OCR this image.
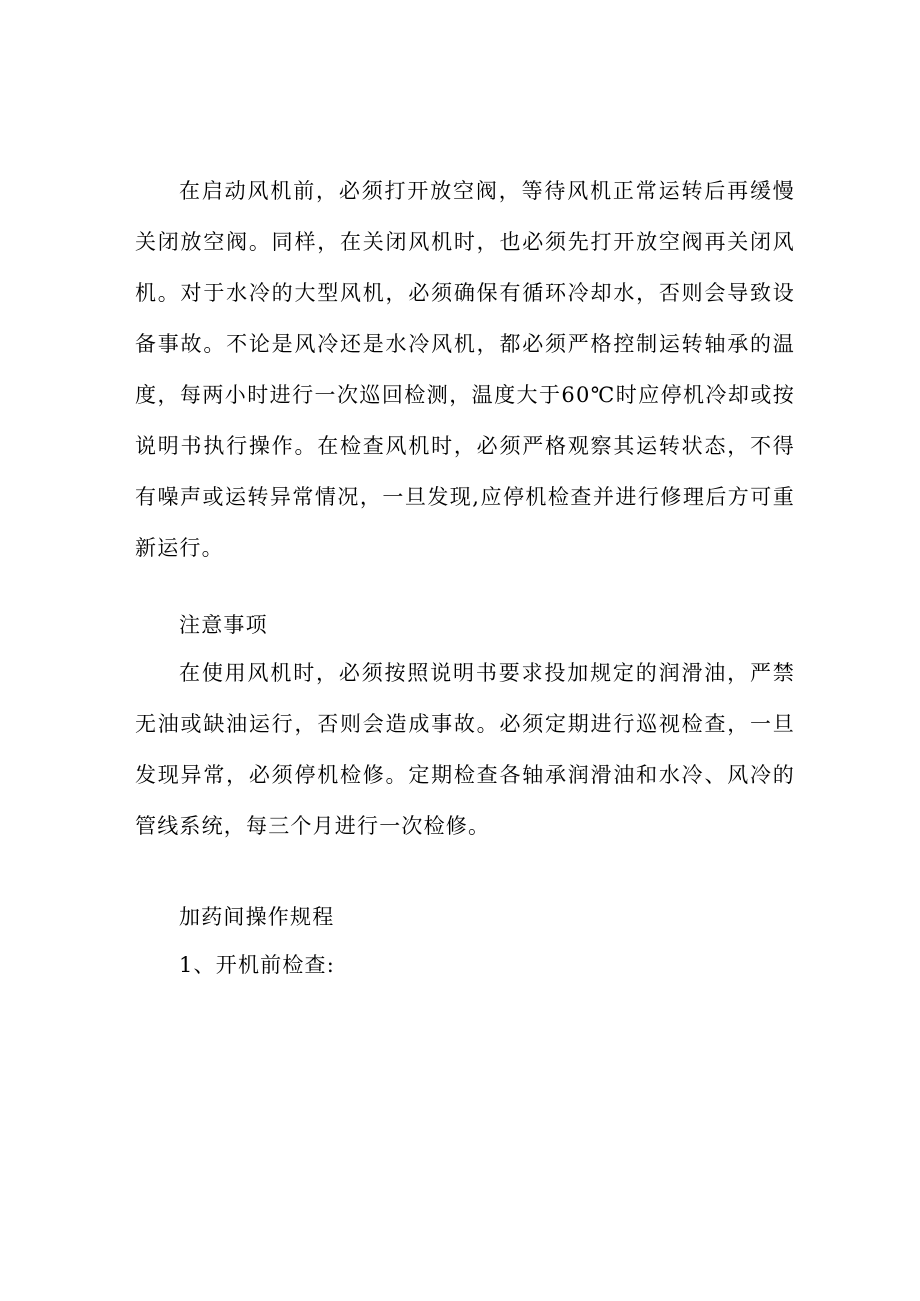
在启动风机前，必须打开放空阀，等待风机正常运转后再缓慢关闭放空阀。同样，在关闭风机时，也必须先打开放空阀再关闭风机。对于水冷的大型风机，必须确保有循环冷却水，否则会导致设备事故。不论是风冷还是水冷风机，都必须严格控制运转轴承的温度，每两小时进行一次巡回检测，温度大于60℃时应停机冷却或按说明书执行操作。在检查风机时，必须严格观察其运转状态，不得有噪声或运转异常情况，一旦发现,应停机检查并进行修理后方可重新运行。

注意事项

在使用风机时，必须按照说明书要求投加规定的润滑油，严禁无油或缺油运行，否则会造成事故。必须定期进行巡视检查，一旦发现异常，必须停机检修。定期检查各轴承润滑油和水冷、风冷的管线系统，每三个月进行一次检修。

加药间操作规程

1、开机前检查:
